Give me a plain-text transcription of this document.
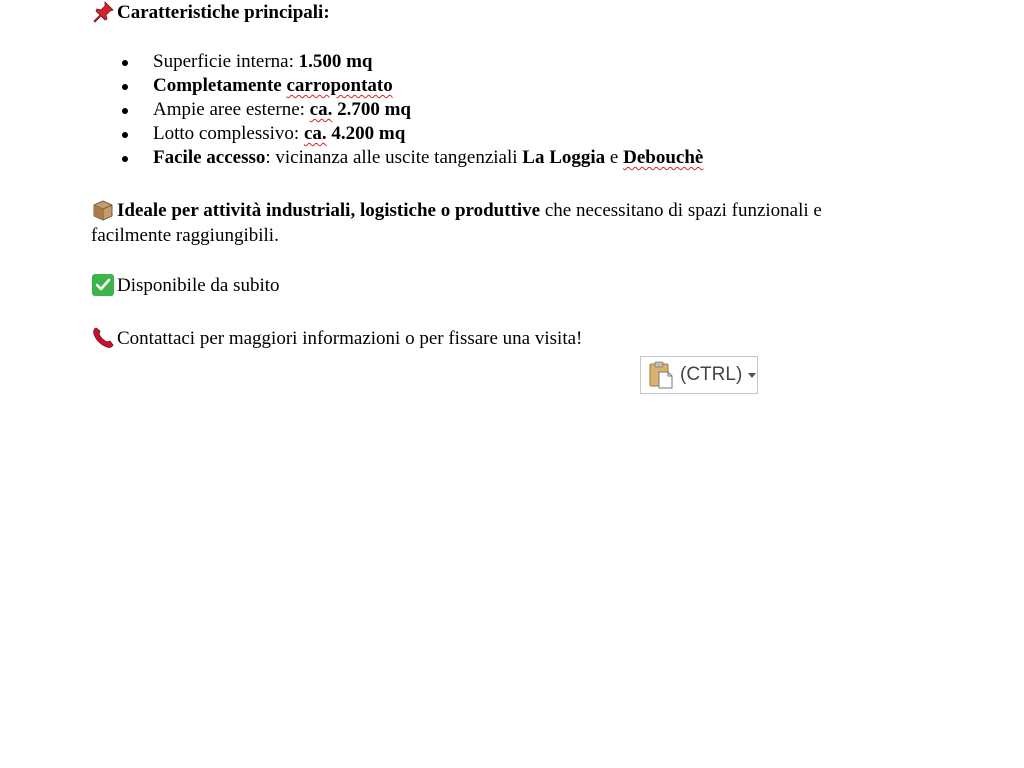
Caratteristiche principali:
Superficie interna: 1.500 mq
Completamente carropontato
Ampie aree esterne: ca. 2.700 mq
Lotto complessivo: ca. 4.200 mq
Facile accesso: vicinanza alle uscite tangenziali La Loggia e Debouchè
Ideale per attività industriali, logistiche o produttive che necessitano di spazi funzionali e
facilmente raggiungibili.
Disponibile da subito
Contattaci per maggiori informazioni o per fissare una visita!
(CTRL)
